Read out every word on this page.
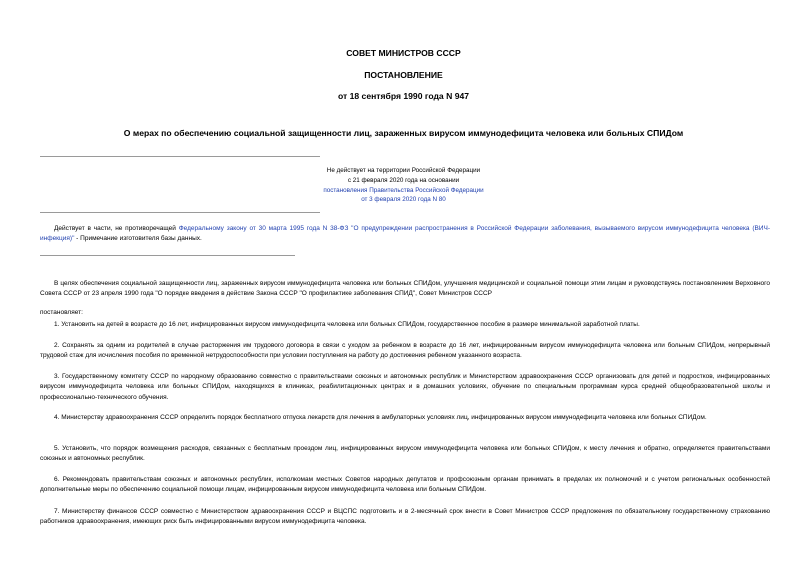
СОВЕТ МИНИСТРОВ СССР
ПОСТАНОВЛЕНИЕ
от 18 сентября 1990 года N 947
О мерах по обеспечению социальной защищенности лиц, зараженных вирусом иммунодефицита человека или больных СПИДом
Не действует на территории Российской Федерации
с 21 февраля 2020 года на основании
постановления Правительства Российской Федерации
от 3 февраля 2020 года N 80
Действует в части, не противоречащей Федеральному закону от 30 марта 1995 года N 38-ФЗ "О предупреждении распространения в Российской Федерации заболевания, вызываемого вирусом иммунодефицита человека (ВИЧ-инфекция)" - Примечание изготовителя базы данных.
В целях обеспечения социальной защищенности лиц, зараженных вирусом иммунодефицита человека или больных СПИДом, улучшения медицинской и социальной помощи этим лицам и руководствуясь постановлением Верховного Совета СССР от 23 апреля 1990 года "О порядке введения в действие Закона СССР "О профилактике заболевания СПИД", Совет Министров СССР
постановляет:
1. Установить на детей в возрасте до 16 лет, инфицированных вирусом иммунодефицита человека или больных СПИДом, государственное пособие в размере минимальной заработной платы.
2. Сохранять за одним из родителей в случае расторжения им трудового договора в связи с уходом за ребенком в возрасте до 16 лет, инфицированным вирусом иммунодефицита человека или больным СПИДом, непрерывный трудовой стаж для исчисления пособия по временной нетрудоспособности при условии поступления на работу до достижения ребенком указанного возраста.
3. Государственному комитету СССР по народному образованию совместно с правительствами союзных и автономных республик и Министерством здравоохранения СССР организовать для детей и подростков, инфицированных вирусом иммунодефицита человека или больных СПИДом, находящихся в клиниках, реабилитационных центрах и в домашних условиях, обучение по специальным программам курса средней общеобразовательной школы и профессионально-технического обучения.
4. Министерству здравоохранения СССР определить порядок бесплатного отпуска лекарств для лечения в амбулаторных условиях лиц, инфицированных вирусом иммунодефицита человека или больных СПИДом.
5. Установить, что порядок возмещения расходов, связанных с бесплатным проездом лиц, инфицированных вирусом иммунодефицита человека или больных СПИДом, к месту лечения и обратно, определяется правительствами союзных и автономных республик.
6. Рекомендовать правительствам союзных и автономных республик, исполкомам местных Советов народных депутатов и профсоюзным органам принимать в пределах их полномочий и с учетом региональных особенностей дополнительные меры по обеспечению социальной помощи лицам, инфицированным вирусом иммунодефицита человека или больным СПИДом.
7. Министерству финансов СССР совместно с Министерством здравоохранения СССР и ВЦСПС подготовить и в 2-месячный срок внести в Совет Министров СССР предложения по обязательному государственному страхованию работников здравоохранения, имеющих риск быть инфицированными вирусом иммунодефицита человека.
